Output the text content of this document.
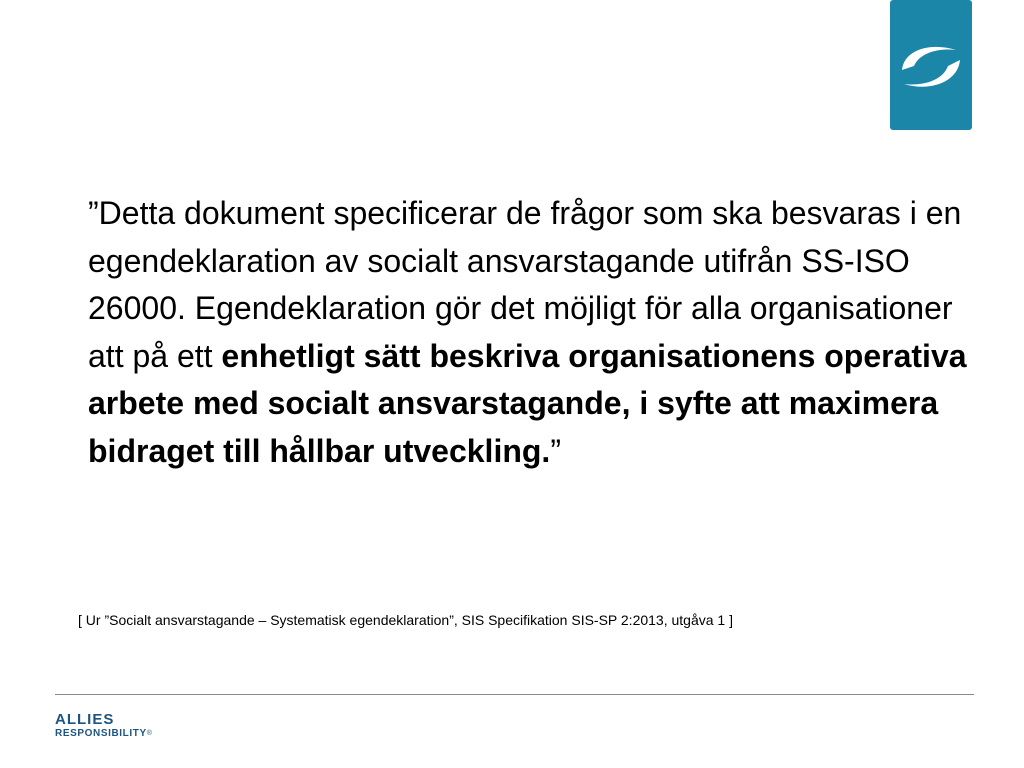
”Detta dokument specificerar de frågor som ska besvaras i en egendeklaration av socialt ansvarstagande utifrån SS-ISO 26000. Egendeklaration gör det möjligt för alla organisationer att på ett enhetligt sätt beskriva organisationens operativa arbete med socialt ansvarstagande, i syfte att maximera bidraget till hållbar utveckling.”

[ Ur ”Socialt ansvarstagande – Systematisk egendeklaration”, SIS Specifikation SIS-SP 2:2013, utgåva 1 ]

ALLIES
RESPONSIBILITY®
